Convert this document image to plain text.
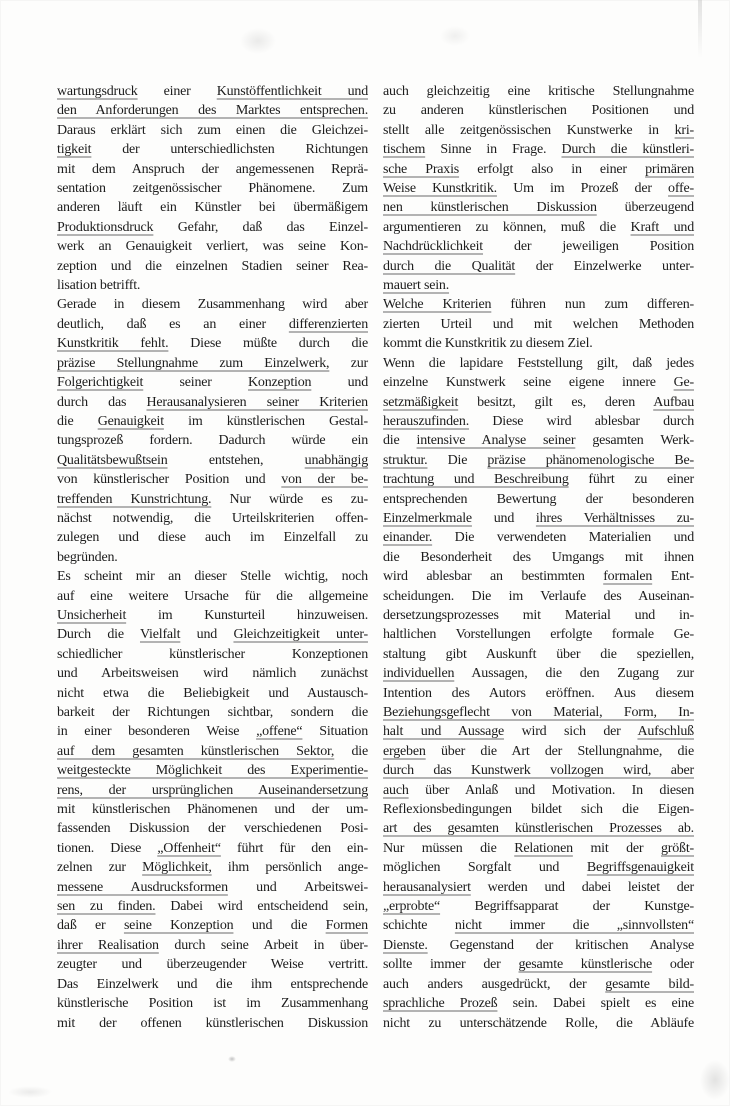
wartungsdruck einer Kunstöffentlichkeit und
den Anforderungen des Marktes entsprechen.
Daraus erklärt sich zum einen die Gleichzei-
tigkeit der unterschiedlichsten Richtungen
mit dem Anspruch der angemessenen Reprä-
sentation zeitgenössischer Phänomene. Zum
anderen läuft ein Künstler bei übermäßigem
Produktionsdruck Gefahr, daß das Einzel-
werk an Genauigkeit verliert, was seine Kon-
zeption und die einzelnen Stadien seiner Rea-
lisation betrifft.
Gerade in diesem Zusammenhang wird aber
deutlich, daß es an einer differenzierten
Kunstkritik fehlt. Diese müßte durch die
präzise Stellungnahme zum Einzelwerk, zur
Folgerichtigkeit seiner Konzeption und
durch das Herausanalysieren seiner Kriterien
die Genauigkeit im künstlerischen Gestal-
tungsprozeß fordern. Dadurch würde ein
Qualitätsbewußtsein entstehen, unabhängig
von künstlerischer Position und von der be-
treffenden Kunstrichtung. Nur würde es zu-
nächst notwendig, die Urteilskriterien offen-
zulegen und diese auch im Einzelfall zu
begründen.
Es scheint mir an dieser Stelle wichtig, noch
auf eine weitere Ursache für die allgemeine
Unsicherheit im Kunsturteil hinzuweisen.
Durch die Vielfalt und Gleichzeitigkeit unter-
schiedlicher künstlerischer Konzeptionen
und Arbeitsweisen wird nämlich zunächst
nicht etwa die Beliebigkeit und Austausch-
barkeit der Richtungen sichtbar, sondern die
in einer besonderen Weise „offene“ Situation
auf dem gesamten künstlerischen Sektor, die
weitgesteckte Möglichkeit des Experimentie-
rens, der ursprünglichen Auseinandersetzung
mit künstlerischen Phänomenen und der um-
fassenden Diskussion der verschiedenen Posi-
tionen. Diese „Offenheit“ führt für den ein-
zelnen zur Möglichkeit, ihm persönlich ange-
messene Ausdrucksformen und Arbeitswei-
sen zu finden. Dabei wird entscheidend sein,
daß er seine Konzeption und die Formen
ihrer Realisation durch seine Arbeit in über-
zeugter und überzeugender Weise vertritt.
Das Einzelwerk und die ihm entsprechende
künstlerische Position ist im Zusammenhang
mit der offenen künstlerischen Diskussion
auch gleichzeitig eine kritische Stellungnahme
zu anderen künstlerischen Positionen und
stellt alle zeitgenössischen Kunstwerke in kri-
tischem Sinne in Frage. Durch die künstleri-
sche Praxis erfolgt also in einer primären
Weise Kunstkritik. Um im Prozeß der offe-
nen künstlerischen Diskussion überzeugend
argumentieren zu können, muß die Kraft und
Nachdrücklichkeit der jeweiligen Position
durch die Qualität der Einzelwerke unter-
mauert sein.
Welche Kriterien führen nun zum differen-
zierten Urteil und mit welchen Methoden
kommt die Kunstkritik zu diesem Ziel.
Wenn die lapidare Feststellung gilt, daß jedes
einzelne Kunstwerk seine eigene innere Ge-
setzmäßigkeit besitzt, gilt es, deren Aufbau
herauszufinden. Diese wird ablesbar durch
die intensive Analyse seiner gesamten Werk-
struktur. Die präzise phänomenologische Be-
trachtung und Beschreibung führt zu einer
entsprechenden Bewertung der besonderen
Einzelmerkmale und ihres Verhältnisses zu-
einander. Die verwendeten Materialien und
die Besonderheit des Umgangs mit ihnen
wird ablesbar an bestimmten formalen Ent-
scheidungen. Die im Verlaufe des Auseinan-
dersetzungsprozesses mit Material und in-
haltlichen Vorstellungen erfolgte formale Ge-
staltung gibt Auskunft über die speziellen,
individuellen Aussagen, die den Zugang zur
Intention des Autors eröffnen. Aus diesem
Beziehungsgeflecht von Material, Form, In-
halt und Aussage wird sich der Aufschluß
ergeben über die Art der Stellungnahme, die
durch das Kunstwerk vollzogen wird, aber
auch über Anlaß und Motivation. In diesen
Reflexionsbedingungen bildet sich die Eigen-
art des gesamten künstlerischen Prozesses ab.
Nur müssen die Relationen mit der größt-
möglichen Sorgfalt und Begriffsgenauigkeit
herausanalysiert werden und dabei leistet der
„erprobte“ Begriffsapparat der Kunstge-
schichte nicht immer die „sinnvollsten“
Dienste. Gegenstand der kritischen Analyse
sollte immer der gesamte künstlerische oder
auch anders ausgedrückt, der gesamte bild-
sprachliche Prozeß sein. Dabei spielt es eine
nicht zu unterschätzende Rolle, die Abläufe
